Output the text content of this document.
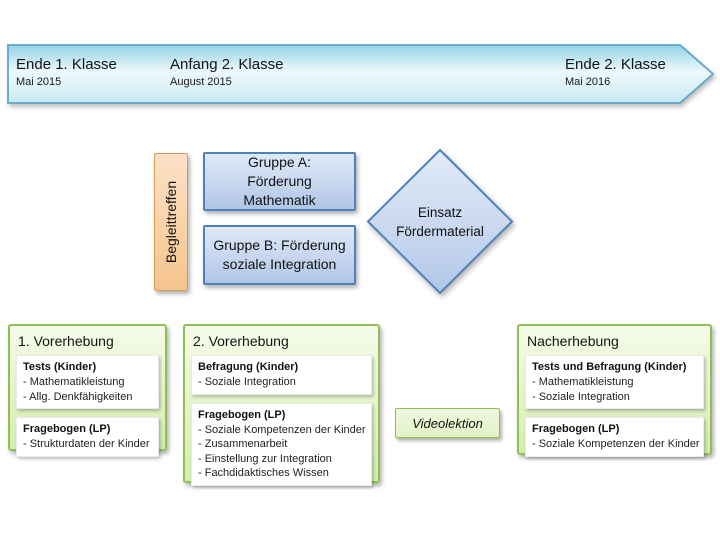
Ende 1. Klasse
Mai 2015
Anfang 2. Klasse
August 2015
Ende 2. Klasse
Mai 2016
Begleittreffen
Gruppe A: Förderung Mathematik
Gruppe B: Förderung soziale Integration
Einsatz Fördermaterial
1. Vorerhebung
Tests (Kinder)
- Mathematikleistung
- Allg. Denkfähigkeiten
Fragebogen (LP)
- Strukturdaten der Kinder
2. Vorerhebung
Befragung (Kinder)
- Soziale Integration
Fragebogen (LP)
- Soziale Kompetenzen der Kinder
- Zusammenarbeit
- Einstellung zur Integration
- Fachdidaktisches Wissen
Nacherhebung
Tests und Befragung (Kinder)
- Mathematikleistung
- Soziale Integration
Fragebogen (LP)
- Soziale Kompetenzen der Kinder
Videolektion
